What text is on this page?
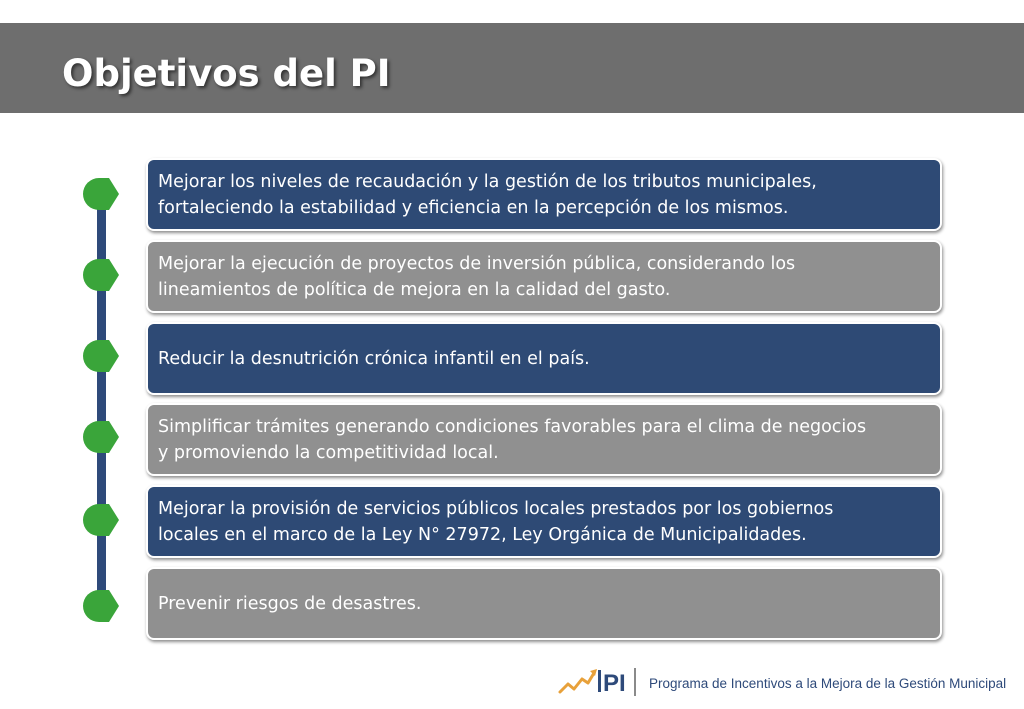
Objetivos del PI
Mejorar los niveles de recaudación y la gestión de los tributos municipales,
fortaleciendo la estabilidad y eficiencia en la percepción de los mismos.
Mejorar la ejecución de proyectos de inversión pública, considerando los
lineamientos de política de mejora en la calidad del gasto.
Reducir la desnutrición crónica infantil en el país.
Simplificar trámites generando condiciones favorables para el clima de negocios
y promoviendo la competitividad local.
Mejorar la provisión de servicios públicos locales prestados por los gobiernos
locales en el marco de la Ley N° 27972, Ley Orgánica de Municipalidades.
Prevenir riesgos de desastres.
PI Programa de Incentivos a la Mejora de la Gestión Municipal
